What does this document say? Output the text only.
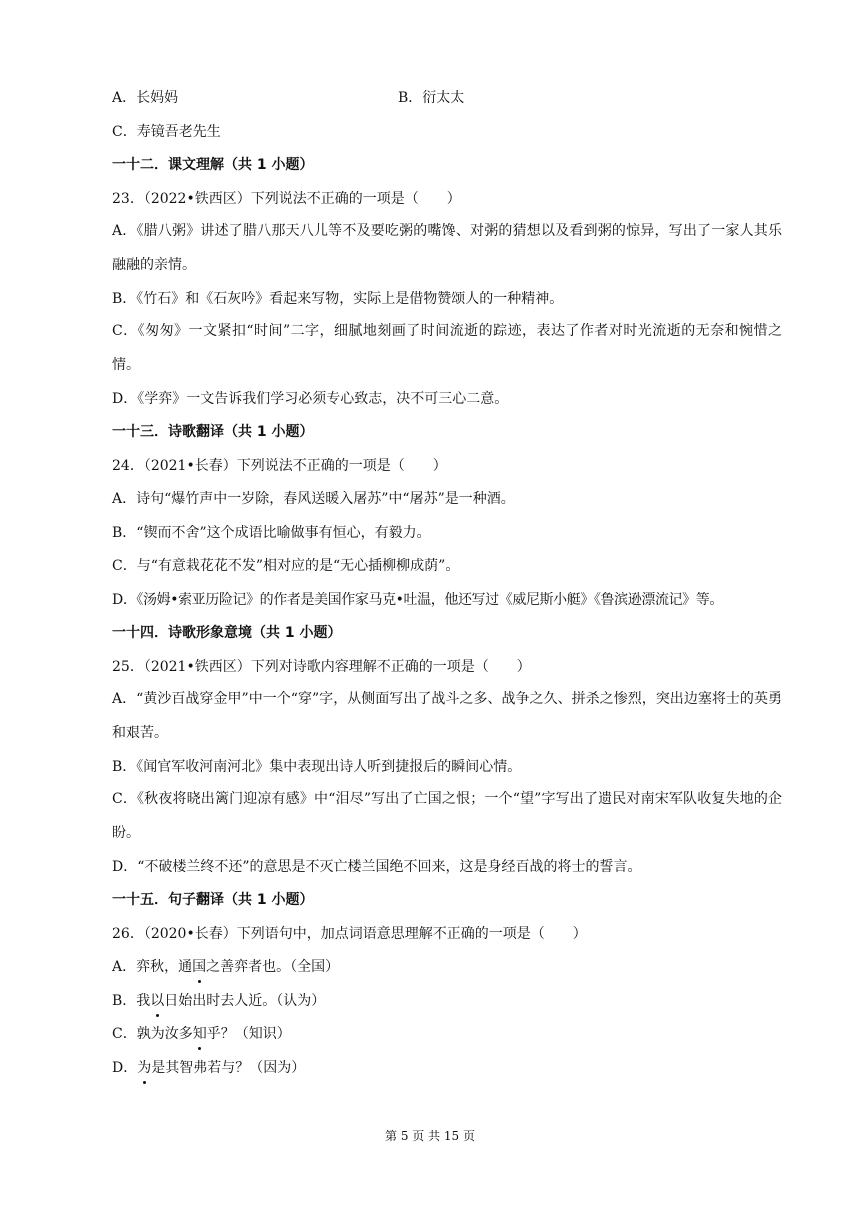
A．长妈妈	B．衍太太
C．寿镜吾老先生
一十二．课文理解（共 1 小题）
23．（2022•铁西区）下列说法不正确的一项是（　　）
A．《腊八粥》讲述了腊八那天八儿等不及要吃粥的嘴馋、对粥的猜想以及看到粥的惊异，写出了一家人其乐融融的亲情。
B．《竹石》和《石灰吟》看起来写物，实际上是借物赞颂人的一种精神。
C．《匆匆》一文紧扣“时间”二字，细腻地刻画了时间流逝的踪迹，表达了作者对时光流逝的无奈和惋惜之情。
D．《学弈》一文告诉我们学习必须专心致志，决不可三心二意。
一十三．诗歌翻译（共 1 小题）
24．（2021•长春）下列说法不正确的一项是（　　）
A．诗句“爆竹声中一岁除，春风送暖入屠苏”中“屠苏”是一种酒。
B．“锲而不舍”这个成语比喻做事有恒心，有毅力。
C．与“有意栽花花不发”相对应的是“无心插柳柳成荫”。
D．《汤姆•索亚历险记》的作者是美国作家马克•吐温，他还写过《威尼斯小艇》《鲁滨逊漂流记》等。
一十四．诗歌形象意境（共 1 小题）
25．（2021•铁西区）下列对诗歌内容理解不正确的一项是（　　）
A．“黄沙百战穿金甲”中一个“穿”字，从侧面写出了战斗之多、战争之久、拼杀之惨烈，突出边塞将士的英勇和艰苦。
B．《闻官军收河南河北》集中表现出诗人听到捷报后的瞬间心情。
C．《秋夜将晓出篱门迎凉有感》中“泪尽”写出了亡国之恨；一个“望”字写出了遗民对南宋军队收复失地的企盼。
D．“不破楼兰终不还”的意思是不灭亡楼兰国绝不回来，这是身经百战的将士的誓言。
一十五．句子翻译（共 1 小题）
26．（2020•长春）下列语句中，加点词语意思理解不正确的一项是（　　）
A．弈秋，通国之善弈者也。（全国）
B．我以日始出时去人近。（认为）
C．孰为汝多知乎？（知识）
D．为是其智弗若与？（因为）
第 5 页 共 15 页
